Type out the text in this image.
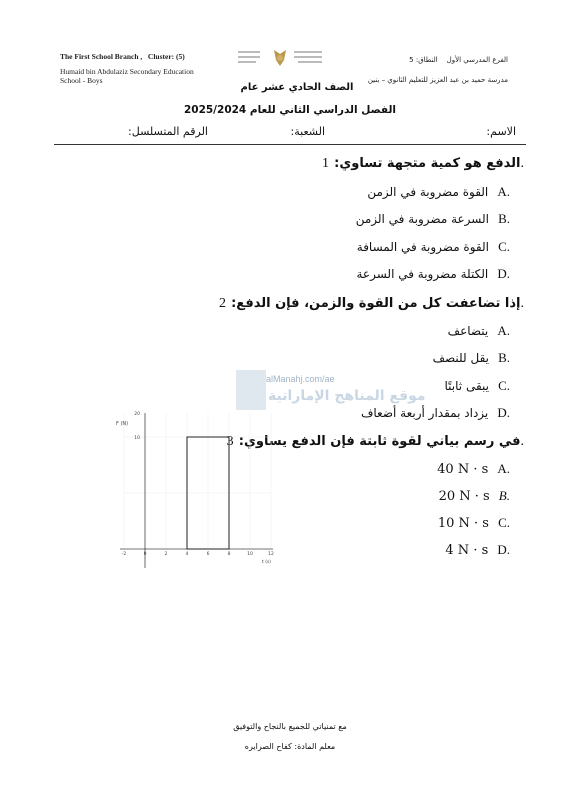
The First School Branch , Cluster: (5)
Humaid bin Abdulaziz Secondary Education
School - Boys
الفرع المدرسي الأول    النطاق: 5
مدرسة حميد بن عبد العزيز للتعليم الثانوي – بنين
الصف الحادي عشر عام
الفصل الدراسي الثاني للعام 2025/2024
الاسم:
الشعبة:
الرقم المتسلسل:
الدفع هو كمية متجهة تساوي: 1.
القوة مضروبة في الزمن A.
السرعة مضروبة في الزمن B.
القوة مضروبة في المسافة C.
الكتلة مضروبة في السرعة D.
إذا تضاعفت كل من القوة والزمن، فإن الدفع: 2.
يتضاعف A.
يقل للنصف B.
يبقى ثابتًا C.
يزداد بمقدار أربعة أضعاف D.
alManahj.com/ae
موقع المناهج الإماراتية
في رسم بياني لقوة ثابتة فإن الدفع يساوي: 3.
40 N · s A.
20 N · s B.
10 N · s C.
4 N · s D.
F (N)
10
20
-2	0	2	4	6	8	10	12
t (s)
مع تمنياتي للجميع بالنجاح والتوفيق
معلم المادة: كفاح الصرايره
